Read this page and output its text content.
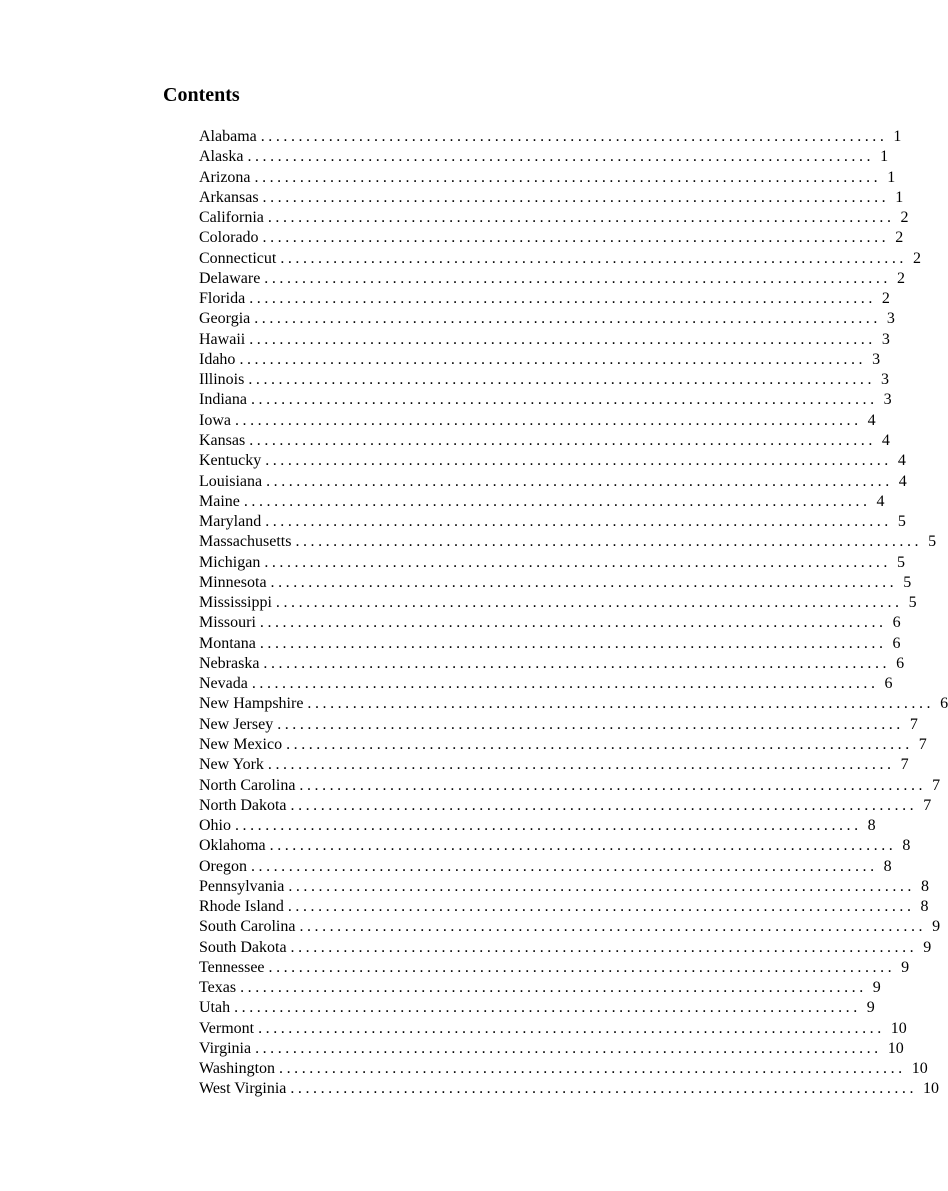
Contents
Alabama ................................................................................... 1
Alaska ................................................................................... 1
Arizona ................................................................................... 1
Arkansas ................................................................................... 1
California ................................................................................... 2
Colorado ................................................................................... 2
Connecticut ................................................................................... 2
Delaware ................................................................................... 2
Florida ................................................................................... 2
Georgia ................................................................................... 3
Hawaii ................................................................................... 3
Idaho ................................................................................... 3
Illinois ................................................................................... 3
Indiana ................................................................................... 3
Iowa ................................................................................... 4
Kansas ................................................................................... 4
Kentucky ................................................................................... 4
Louisiana ................................................................................... 4
Maine ................................................................................... 4
Maryland ................................................................................... 5
Massachusetts ................................................................................... 5
Michigan ................................................................................... 5
Minnesota ................................................................................... 5
Mississippi ................................................................................... 5
Missouri ................................................................................... 6
Montana ................................................................................... 6
Nebraska ................................................................................... 6
Nevada ................................................................................... 6
New Hampshire ................................................................................... 6
New Jersey ................................................................................... 7
New Mexico ................................................................................... 7
New York ................................................................................... 7
North Carolina ................................................................................... 7
North Dakota ................................................................................... 7
Ohio ................................................................................... 8
Oklahoma ................................................................................... 8
Oregon ................................................................................... 8
Pennsylvania ................................................................................... 8
Rhode Island ................................................................................... 8
South Carolina ................................................................................... 9
South Dakota ................................................................................... 9
Tennessee ................................................................................... 9
Texas ................................................................................... 9
Utah ................................................................................... 9
Vermont ................................................................................... 10
Virginia ................................................................................... 10
Washington ................................................................................... 10
West Virginia ................................................................................... 10
